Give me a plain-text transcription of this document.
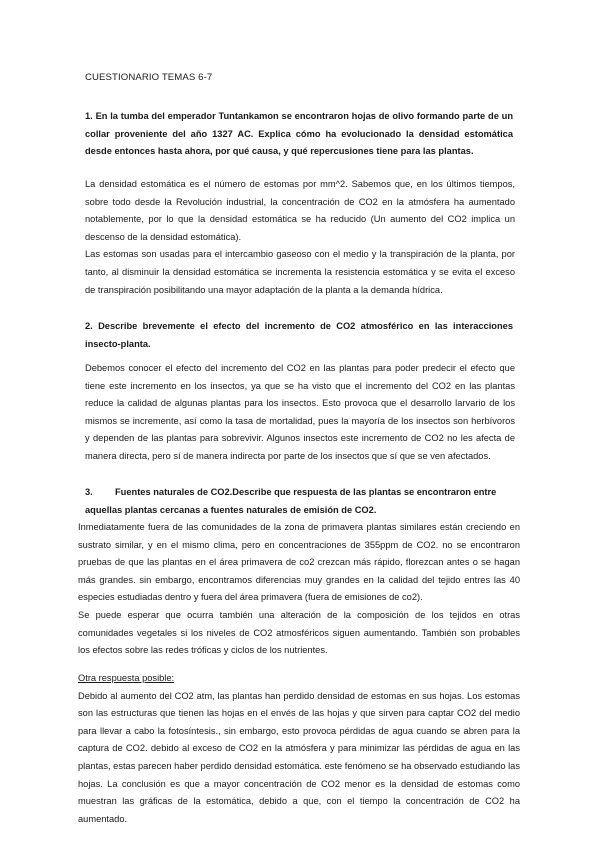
CUESTIONARIO TEMAS 6-7
1. En la tumba del emperador Tuntankamon se encontraron hojas de olivo formando parte de un collar proveniente del año 1327 AC. Explica cómo ha evolucionado la densidad estomática desde entonces hasta ahora, por qué causa, y qué repercusiones tiene para las plantas.

La densidad estomática es el número de estomas por mm^2. Sabemos que, en los últimos tiempos, sobre todo desde la Revolución industrial, la concentración de CO2 en la atmósfera ha aumentado notablemente, por lo que la densidad estomática se ha reducido (Un aumento del CO2 implica un descenso de la densidad estomática).

Las estomas son usadas para el intercambio gaseoso con el medio y la transpiración de la planta, por tanto, al disminuir la densidad estomática se incrementa la resistencia estomática y se evita el exceso de transpiración posibilitando una mayor adaptación de la planta a la demanda hídrica.

2. Describe brevemente el efecto del incremento de CO2 atmosférico en las interacciones insecto-planta.

Debemos conocer el efecto del incremento del CO2 en las plantas para poder predecir el efecto que tiene este incremento en los insectos, ya que se ha visto que el incremento del CO2 en las plantas reduce la calidad de algunas plantas para los insectos. Esto provoca que el desarrollo larvario de los mismos se incremente, así como la tasa de mortalidad, pues la mayoría de los insectos son herbívoros y dependen de las plantas para sobrevivir. Algunos insectos este incremento de CO2 no les afecta de manera directa, pero sí de manera indirecta por parte de los insectos que sí que se ven afectados.

3. Fuentes naturales de CO2.Describe que respuesta de las plantas se encontraron entre
aquellas plantas cercanas a fuentes naturales de emisión de CO2.

Inmediatamente fuera de las comunidades de la zona de primavera plantas similares están creciendo en sustrato similar, y en el mismo clima, pero en concentraciones de 355ppm de CO2. no se encontraron pruebas de que las plantas en el área primavera de co2 crezcan más rápido, florezcan antes o se hagan más grandes. sin embargo, encontramos diferencias muy grandes en la calidad del tejido entres las 40 especies estudiadas dentro y fuera del área primavera (fuera de emisiones de co2).

Se puede esperar que ocurra también una alteración de la composición de los tejidos en otras comunidades vegetales si los niveles de CO2 atmosféricos siguen aumentando. También son probables los efectos sobre las redes tróficas y ciclos de los nutrientes.

Otra respuesta posible:

Debido al aumento del CO2 atm, las plantas han perdido densidad de estomas en sus hojas. Los estomas son las estructuras que tienen las hojas en el envés de las hojas y que sirven para captar CO2 del medio para llevar a cabo la fotosíntesis., sin embargo, esto provoca pérdidas de agua cuando se abren para la captura de CO2. debido al exceso de CO2 en la atmósfera y para minimizar las pérdidas de agua en las plantas, estas parecen haber perdido densidad estomática. este fenómeno se ha observado estudiando las hojas. La conclusión es que a mayor concentración de CO2 menor es la densidad de estomas como muestran las gráficas de la estomática, debido a que, con el tiempo la concentración de CO2 ha aumentado.
